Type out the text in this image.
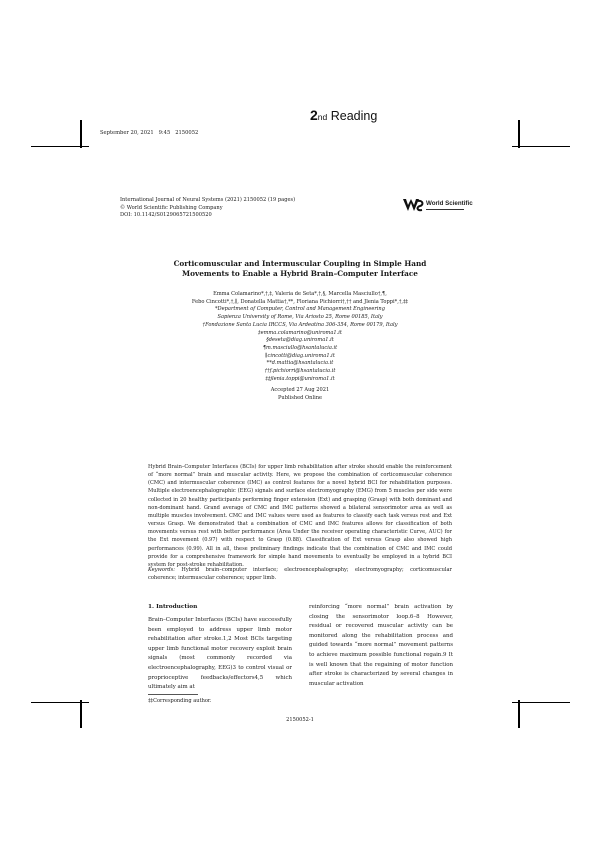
September 20, 2021 9:45 2150052
2nd Reading
International Journal of Neural Systems (2021) 2150052 (19 pages)
© World Scientific Publishing Company
DOI: 10.1142/S0129065721500520
World Scientific
Corticomuscular and Intermuscular Coupling in Simple Hand
Movements to Enable a Hybrid Brain–Computer Interface
Emma Colamarino*,†,‡, Valeria de Seta*,†,§, Marcella Masciullo†,¶,
Febo Cincotti*,†,∥, Donatella Mattia†,**, Floriana Pichiorri†,†† and Jlenia Toppi*,†,‡‡
*Department of Computer, Control and Management Engineering
Sapienza University of Rome, Via Ariosto 25, Rome 00185, Italy
†Fondazione Santa Lucia IRCCS, Via Ardeatina 306-354, Rome 00179, Italy
‡emma.colamarino@uniroma1.it
§deseta@diag.uniroma1.it
¶m.masciullo@hsantalucia.it
∥cincotti@diag.uniroma1.it
**d.mattia@hsantalucia.it
††f.pichiorri@hsantalucia.it
‡‡jlenia.toppi@uniroma1.it
Accepted 27 Aug 2021
Published Online
Hybrid Brain–Computer Interfaces (BCIs) for upper limb rehabilitation after stroke should enable the reinforcement of “more normal” brain and muscular activity. Here, we propose the combination of corticomuscular coherence (CMC) and intermuscular coherence (IMC) as control features for a novel hybrid BCI for rehabilitation purposes. Multiple electroencephalographic (EEG) signals and surface electromyography (EMG) from 5 muscles per side were collected in 20 healthy participants performing finger extension (Ext) and grasping (Grasp) with both dominant and non-dominant hand. Grand average of CMC and IMC patterns showed a bilateral sensorimotor area as well as multiple muscles involvement. CMC and IMC values were used as features to classify each task versus rest and Ext versus Grasp. We demonstrated that a combination of CMC and IMC features allows for classification of both movements versus rest with better performance (Area Under the receiver operating characteristic Curve, AUC) for the Ext movement (0.97) with respect to Grasp (0.88). Classification of Ext versus Grasp also showed high performances (0.99). All in all, these preliminary findings indicate that the combination of CMC and IMC could provide for a comprehensive framework for simple hand movements to eventually be employed in a hybrid BCI system for post-stroke rehabilitation.
Keywords: Hybrid brain–computer interface; electroencephalography; electromyography; corticomuscular coherence; intermuscular coherence; upper limb.
1. Introduction
Brain–Computer Interfaces (BCIs) have successfully been employed to address upper limb motor rehabilitation after stroke.1,2 Most BCIs targeting upper limb functional motor recovery exploit brain signals (most commonly recorded via electroencephalography, EEG)3 to control visual or proprioceptive feedbacks/effectors4,5 which ultimately aim at
reinforcing “more normal” brain activation by closing the sensorimotor loop.6–8 However, residual or recovered muscular activity can be monitored along the rehabilitation process and guided towards “more normal” movement patterns to achieve maximum possible functional regain.9 It is well known that the regaining of motor function after stroke is characterized by several changes in muscular activation
‡‡Corresponding author.
2150052-1
